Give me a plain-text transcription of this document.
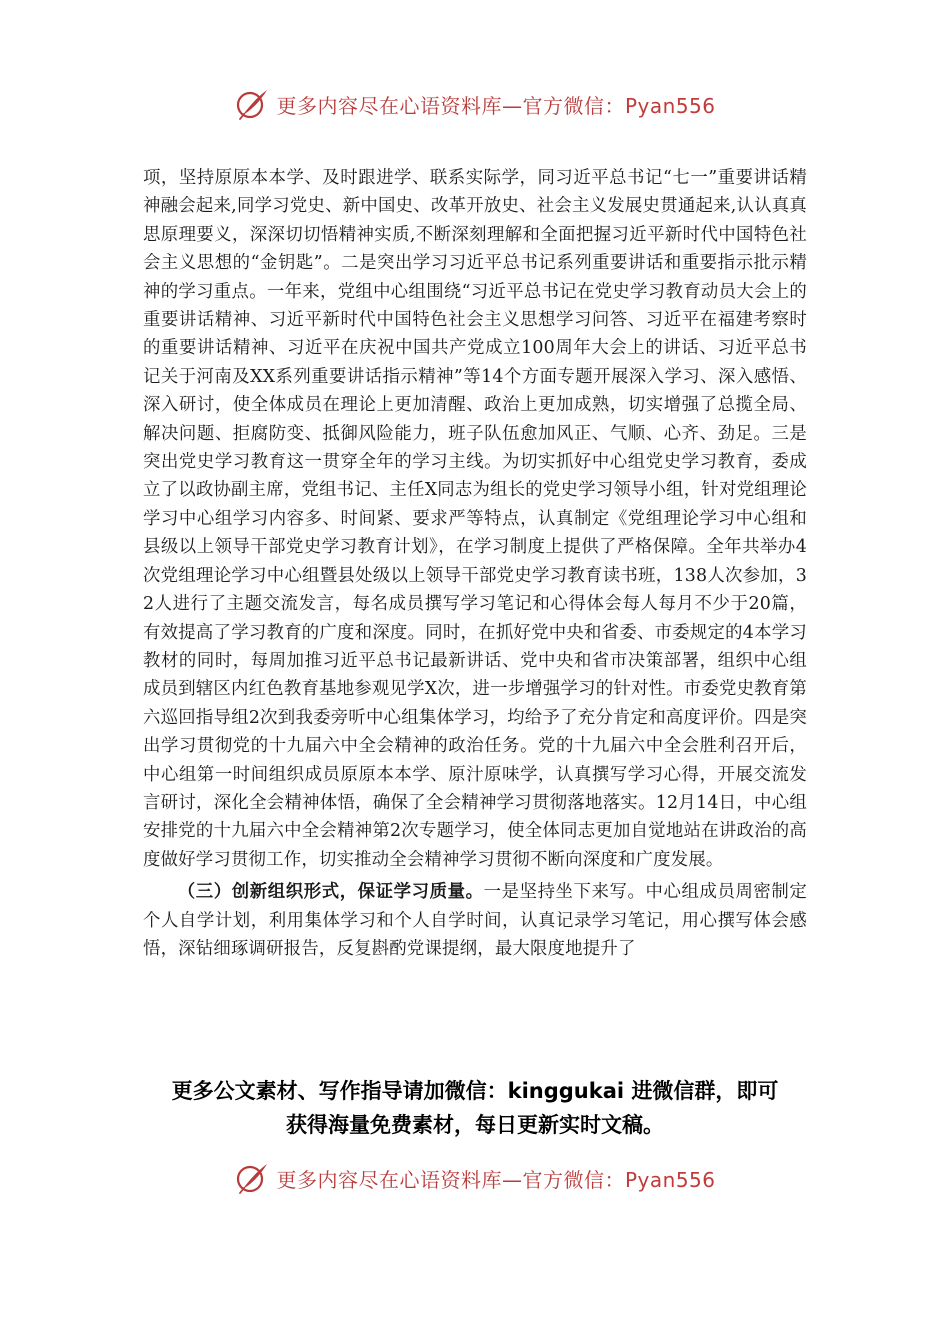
更多内容尽在心语资料库—官方微信：Pyan556

项，坚持原原本本学、及时跟进学、联系实际学，同习近平总书记“七一”重要讲话精神融会起来,同学习党史、新中国史、改革开放史、社会主义发展史贯通起来,认认真真思原理要义，深深切切悟精神实质,不断深刻理解和全面把握习近平新时代中国特色社会主义思想的“金钥匙”。二是突出学习习近平总书记系列重要讲话和重要指示批示精神的学习重点。一年来，党组中心组围绕“习近平总书记在党史学习教育动员大会上的重要讲话精神、习近平新时代中国特色社会主义思想学习问答、习近平在福建考察时的重要讲话精神、习近平在庆祝中国共产党成立100周年大会上的讲话、习近平总书记关于河南及XX系列重要讲话指示精神”等14个方面专题开展深入学习、深入感悟、深入研讨，使全体成员在理论上更加清醒、政治上更加成熟，切实增强了总揽全局、解决问题、拒腐防变、抵御风险能力，班子队伍愈加风正、气顺、心齐、劲足。三是突出党史学习教育这一贯穿全年的学习主线。为切实抓好中心组党史学习教育，委成立了以政协副主席，党组书记、主任X同志为组长的党史学习领导小组，针对党组理论学习中心组学习内容多、时间紧、要求严等特点，认真制定《党组理论学习中心组和县级以上领导干部党史学习教育计划》，在学习制度上提供了严格保障。全年共举办4次党组理论学习中心组暨县处级以上领导干部党史学习教育读书班，138人次参加，32人进行了主题交流发言，每名成员撰写学习笔记和心得体会每人每月不少于20篇，有效提高了学习教育的广度和深度。同时，在抓好党中央和省委、市委规定的4本学习教材的同时，每周加推习近平总书记最新讲话、党中央和省市决策部署，组织中心组成员到辖区内红色教育基地参观见学X次，进一步增强学习的针对性。市委党史教育第六巡回指导组2次到我委旁听中心组集体学习，均给予了充分肯定和高度评价。四是突出学习贯彻党的十九届六中全会精神的政治任务。党的十九届六中全会胜利召开后，中心组第一时间组织成员原原本本学、原汁原味学，认真撰写学习心得，开展交流发言研讨，深化全会精神体悟，确保了全会精神学习贯彻落地落实。12月14日，中心组安排党的十九届六中全会精神第2次专题学习，使全体同志更加自觉地站在讲政治的高度做好学习贯彻工作，切实推动全会精神学习贯彻不断向深度和广度发展。

（三）创新组织形式，保证学习质量。一是坚持坐下来写。中心组成员周密制定个人自学计划，利用集体学习和个人自学时间，认真记录学习笔记，用心撰写体会感悟，深钻细琢调研报告，反复斟酌党课提纲，最大限度地提升了

更多公文素材、写作指导请加微信：kinggukai 进微信群，即可
获得海量免费素材，每日更新实时文稿。
更多内容尽在心语资料库—官方微信：Pyan556
